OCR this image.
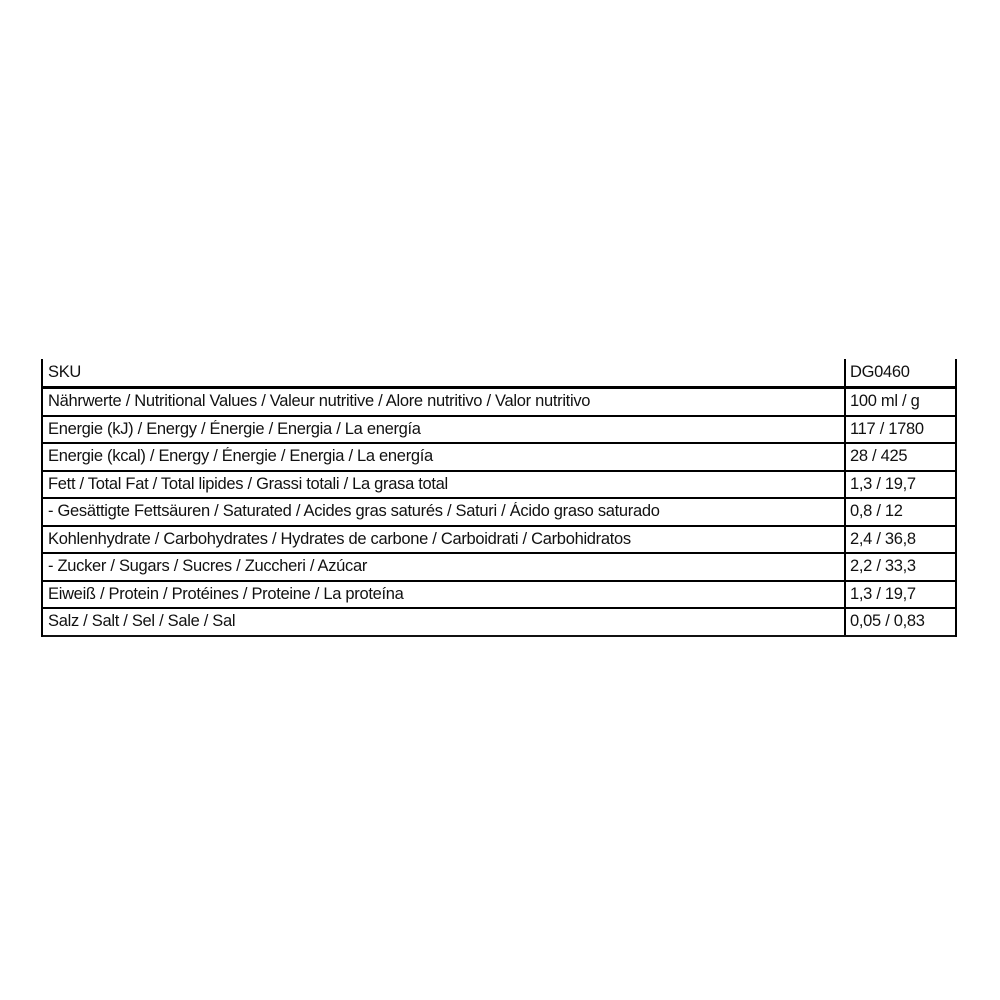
SKU	DG0460
Nährwerte / Nutritional Values / Valeur nutritive / Alore nutritivo / Valor nutritivo	100 ml / g
Energie (kJ) / Energy / Énergie / Energia / La energía	117 / 1780
Energie (kcal) / Energy / Énergie / Energia / La energía	28 / 425
Fett / Total Fat / Total lipides / Grassi totali / La grasa total	1,3 / 19,7
- Gesättigte Fettsäuren / Saturated / Acides gras saturés / Saturi / Ácido graso saturado	0,8 / 12
Kohlenhydrate / Carbohydrates / Hydrates de carbone / Carboidrati / Carbohidratos	2,4 / 36,8
- Zucker / Sugars / Sucres / Zuccheri / Azúcar	2,2 / 33,3
Eiweiß / Protein / Protéines / Proteine / La proteína	1,3 / 19,7
Salz / Salt / Sel / Sale / Sal	0,05 / 0,83
